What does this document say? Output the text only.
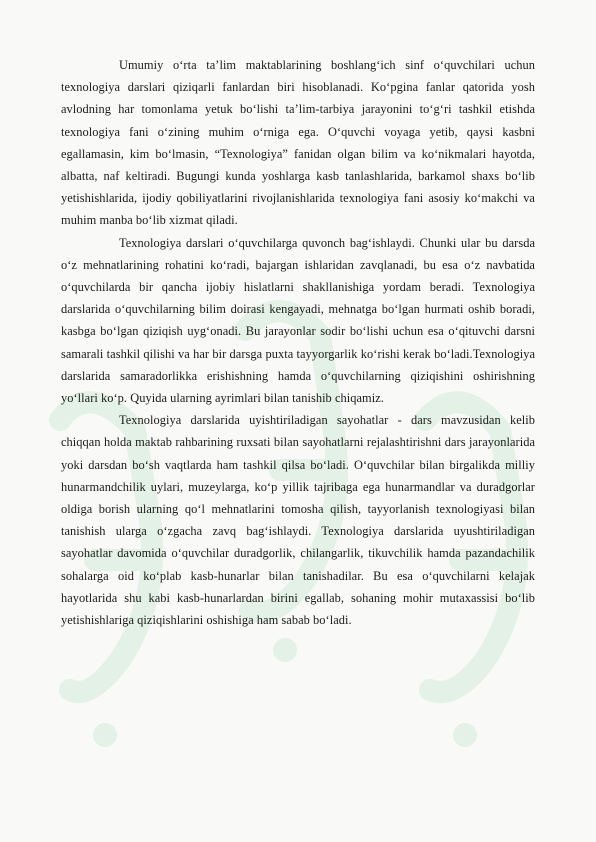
Umumiy o‘rta ta’lim maktablarining boshlang‘ich sinf o‘quvchilari uchun texnologiya darslari qiziqarli fanlardan biri hisoblanadi. Ko‘pgina fanlar qatorida yosh avlodning har tomonlama yetuk bo‘lishi ta’lim-tarbiya jarayonini to‘g‘ri tashkil etishda texnologiya fani o‘zining muhim o‘rniga ega. O‘quvchi voyaga yetib, qaysi kasbni egallamasin, kim bo‘lmasin, “Texnologiya” fanidan olgan bilim va ko‘nikmalari hayotda, albatta, naf keltiradi. Bugungi kunda yoshlarga kasb tanlashlarida, barkamol shaxs bo‘lib yetishishlarida, ijodiy qobiliyatlarini rivojlanishlarida texnologiya fani asosiy ko‘makchi va muhim manba bo‘lib xizmat qiladi.

Texnologiya darslari o‘quvchilarga quvonch bag‘ishlaydi. Chunki ular bu darsda o‘z mehnatlarining rohatini ko‘radi, bajargan ishlaridan zavqlanadi, bu esa o‘z navbatida o‘quvchilarda bir qancha ijobiy hislatlarni shakllanishiga yordam beradi. Texnologiya darslarida o‘quvchilarning bilim doirasi kengayadi, mehnatga bo‘lgan hurmati oshib boradi, kasbga bo‘lgan qiziqish uyg‘onadi. Bu jarayonlar sodir bo‘lishi uchun esa o‘qituvchi darsni samarali tashkil qilishi va har bir darsga puxta tayyorgarlik ko‘rishi kerak bo‘ladi.Texnologiya darslarida samaradorlikka erishishning hamda o‘quvchilarning qiziqishini oshirishning yo‘llari ko‘p. Quyida ularning ayrimlari bilan tanishib chiqamiz.

Texnologiya darslarida uyishtiriladigan sayohatlar - dars mavzusidan kelib chiqqan holda maktab rahbarining ruxsati bilan sayohatlarni rejalashtirishni dars jarayonlarida yoki darsdan bo‘sh vaqtlarda ham tashkil qilsa bo‘ladi. O‘quvchilar bilan birgalikda milliy hunarmandchilik uylari, muzeylarga, ko‘p yillik tajribaga ega hunarmandlar va duradgorlar oldiga borish ularning qo‘l mehnatlarini tomosha qilish, tayyorlanish texnologiyasi bilan tanishish ularga o‘zgacha zavq bag‘ishlaydi. Texnologiya darslarida uyushtiriladigan sayohatlar davomida o‘quvchilar duradgorlik, chilangarlik, tikuvchilik hamda pazandachilik sohalarga oid ko‘plab kasb-hunarlar bilan tanishadilar. Bu esa o‘quvchilarni kelajak hayotlarida shu kabi kasb-hunarlardan birini egallab, sohaning mohir mutaxassisi bo‘lib yetishishlariga qiziqishlarini oshishiga ham sabab bo‘ladi.
